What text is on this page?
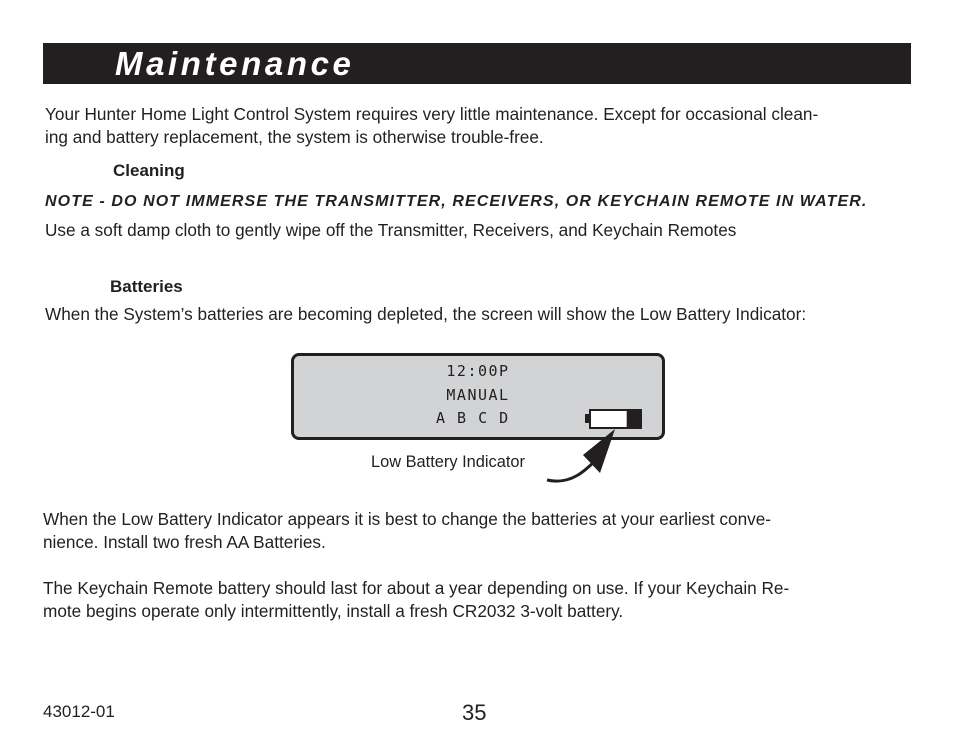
Maintenance
Your Hunter Home Light Control System requires very little maintenance. Except for occasional clean-
ing and battery replacement, the system is otherwise trouble-free.
Cleaning
NOTE - DO NOT IMMERSE THE TRANSMITTER, RECEIVERS, OR KEYCHAIN REMOTE IN WATER.
Use a soft damp cloth to gently wipe off the Transmitter, Receivers, and Keychain Remotes
Batteries
When the System’s batteries are becoming depleted, the screen will show the Low Battery Indicator:
12:00P
MANUAL
A B C D
Low Battery Indicator
When the Low Battery Indicator appears it is best to change the batteries at your earliest conve-
nience. Install two fresh AA Batteries.
The Keychain Remote battery should last for about a year depending on use. If your Keychain Re-
mote begins operate only intermittently, install a fresh CR2032 3-volt battery.
43012-01	35
